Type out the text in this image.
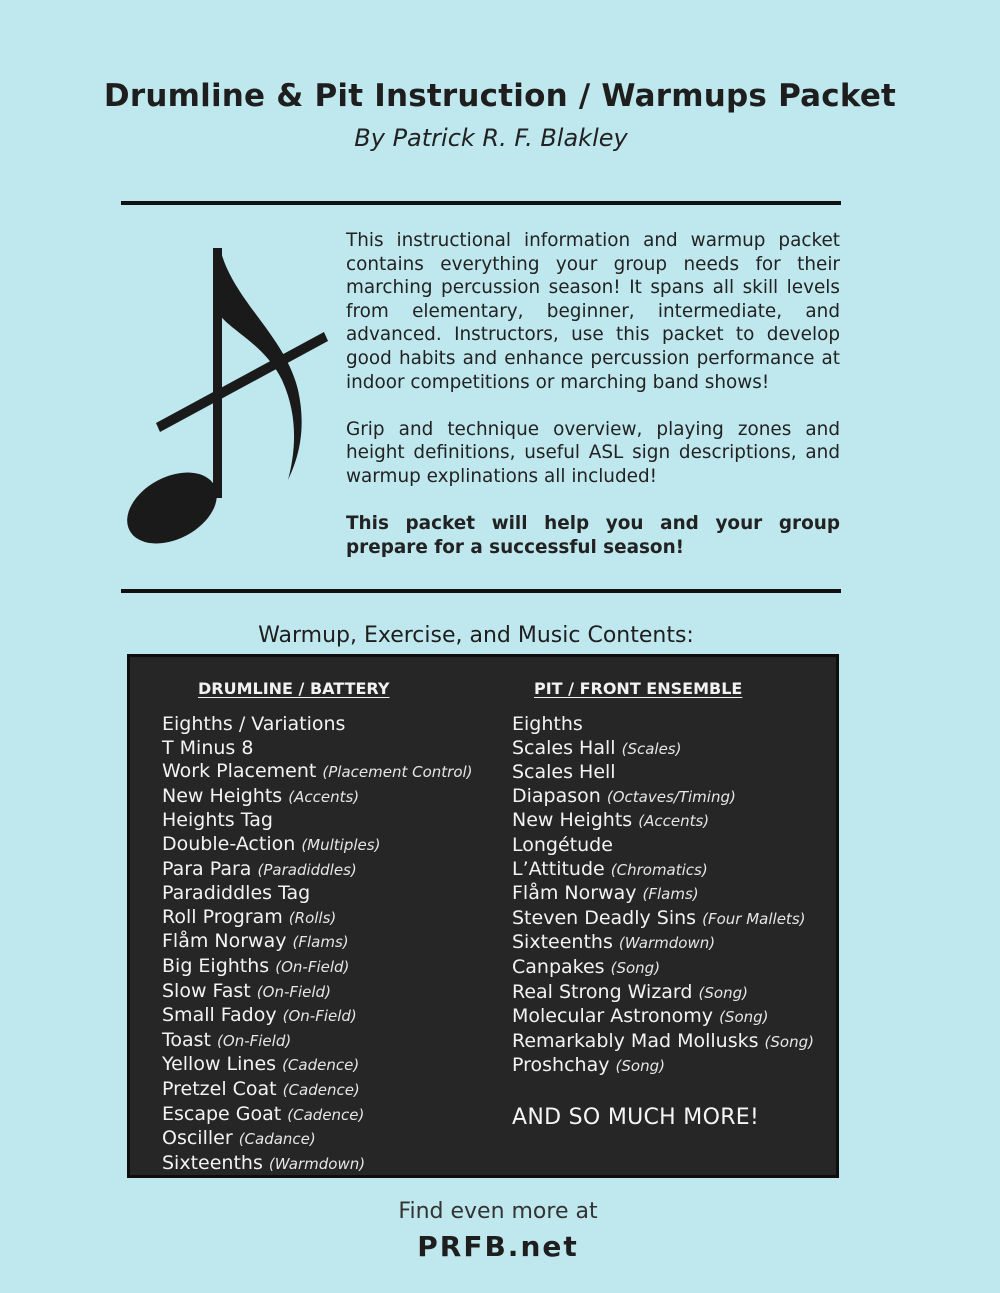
Drumline & Pit Instruction / Warmups Packet
By Patrick R. F. Blakley

This instructional information and warmup packet contains everything your group needs for their marching percussion season! It spans all skill levels from elementary, beginner, intermediate, and advanced. Instructors, use this packet to develop good habits and enhance percussion performance at indoor competitions or marching band shows!

Grip and technique overview, playing zones and height definitions, useful ASL sign descriptions, and warmup explinations all included!

This packet will help you and your group prepare for a successful season!

Warmup, Exercise, and Music Contents:
DRUMLINE / BATTERY
Eighths / Variations
T Minus 8
Work Placement (Placement Control)
New Heights (Accents)
Heights Tag
Double-Action (Multiples)
Para Para (Paradiddles)
Paradiddles Tag
Roll Program (Rolls)
Flåm Norway (Flams)
Big Eighths (On-Field)
Slow Fast (On-Field)
Small Fadoy (On-Field)
Toast (On-Field)
Yellow Lines (Cadence)
Pretzel Coat (Cadence)
Escape Goat (Cadence)
Osciller (Cadance)
Sixteenths (Warmdown)
PIT / FRONT ENSEMBLE
Eighths
Scales Hall (Scales)
Scales Hell
Diapason (Octaves/Timing)
New Heights (Accents)
Longétude
L’Attitude (Chromatics)
Flåm Norway (Flams)
Steven Deadly Sins (Four Mallets)
Sixteenths (Warmdown)
Canpakes (Song)
Real Strong Wizard (Song)
Molecular Astronomy (Song)
Remarkably Mad Mollusks (Song)
Proshchay (Song)
AND SO MUCH MORE!
Find even more at
PRFB.net
